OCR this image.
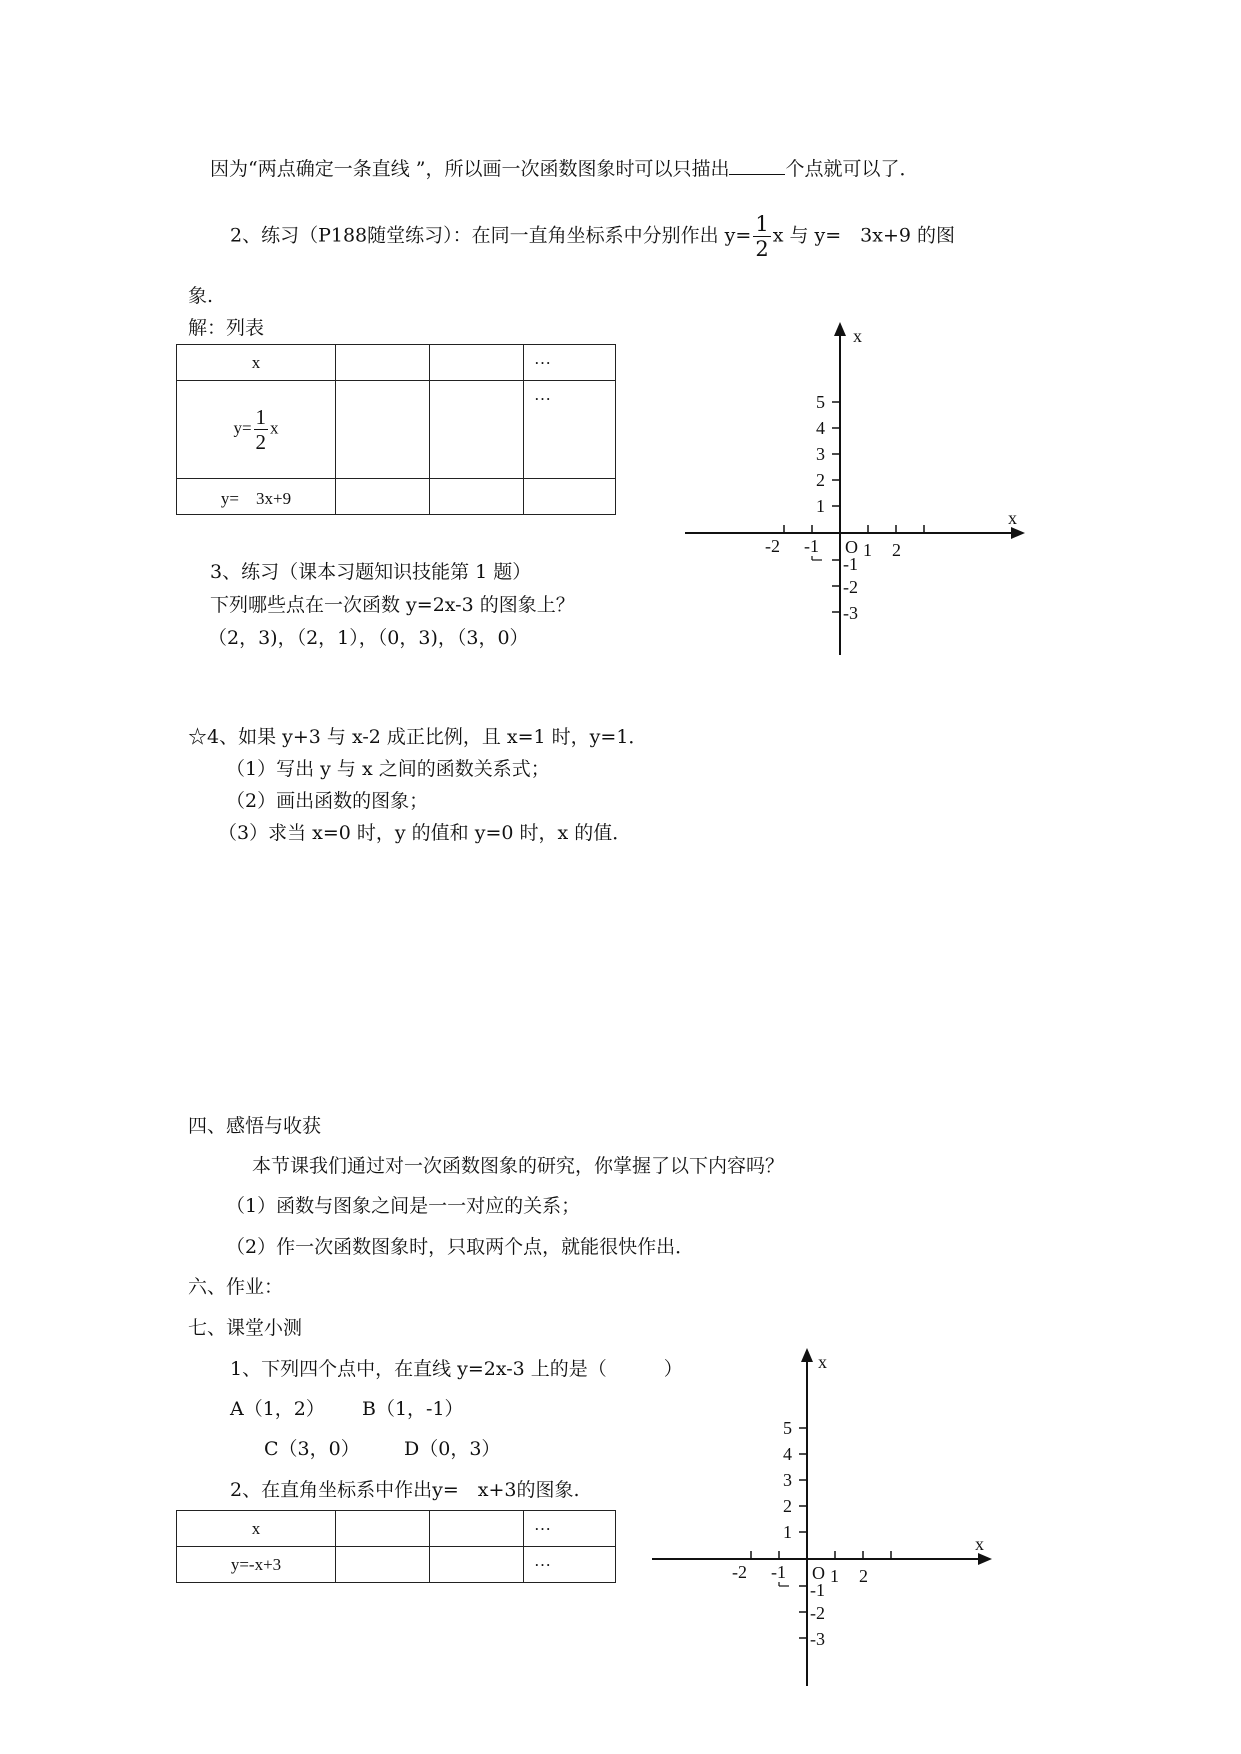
因为“两点确定一条直线 ”，所以画一次函数图象时可以只描出	个点就可以了．
2、练习（P188随堂练习）：在同一直角坐标系中分别作出 $y= \frac{1}{2}$ x 与 y=　3x+9 的图
象.
解：列表
x			…
$y= \frac{1}{2}$ x			…
y=　3x+9			
x
x
O
-2 -1 1 2
5
4
3
2
1
-1
-2
-3
3、练习（课本习题知识技能第 1 题）
下列哪些点在一次函数 y=2x-3 的图象上？
（2，3)，（2，1），（0，3)，（3，0）
☆4、如果 y+3 与 x-2 成正比例，且 x=1 时，y=1．
（1）写出 y 与 x 之间的函数关系式；
（2）画出函数的图象；
（3）求当 x=0 时，y 的值和 y=0 时，x 的值．
四、感悟与收获
本节课我们通过对一次函数图象的研究，你掌握了以下内容吗？
（1）函数与图象之间是一一对应的关系；
（2）作一次函数图象时，只取两个点，就能很快作出．
六、作业：
七、课堂小测
1、下列四个点中，在直线 y=2x-3 上的是（　　　）
A（1，2） B（1，-1）
C（3，0） D（0，3）
2、在直角坐标系中作出y=　x+3的图象.
x			…
y=-x+3			…
x
x
O
-2 -1 1 2
5
4
3
2
1
-1
-2
-3
